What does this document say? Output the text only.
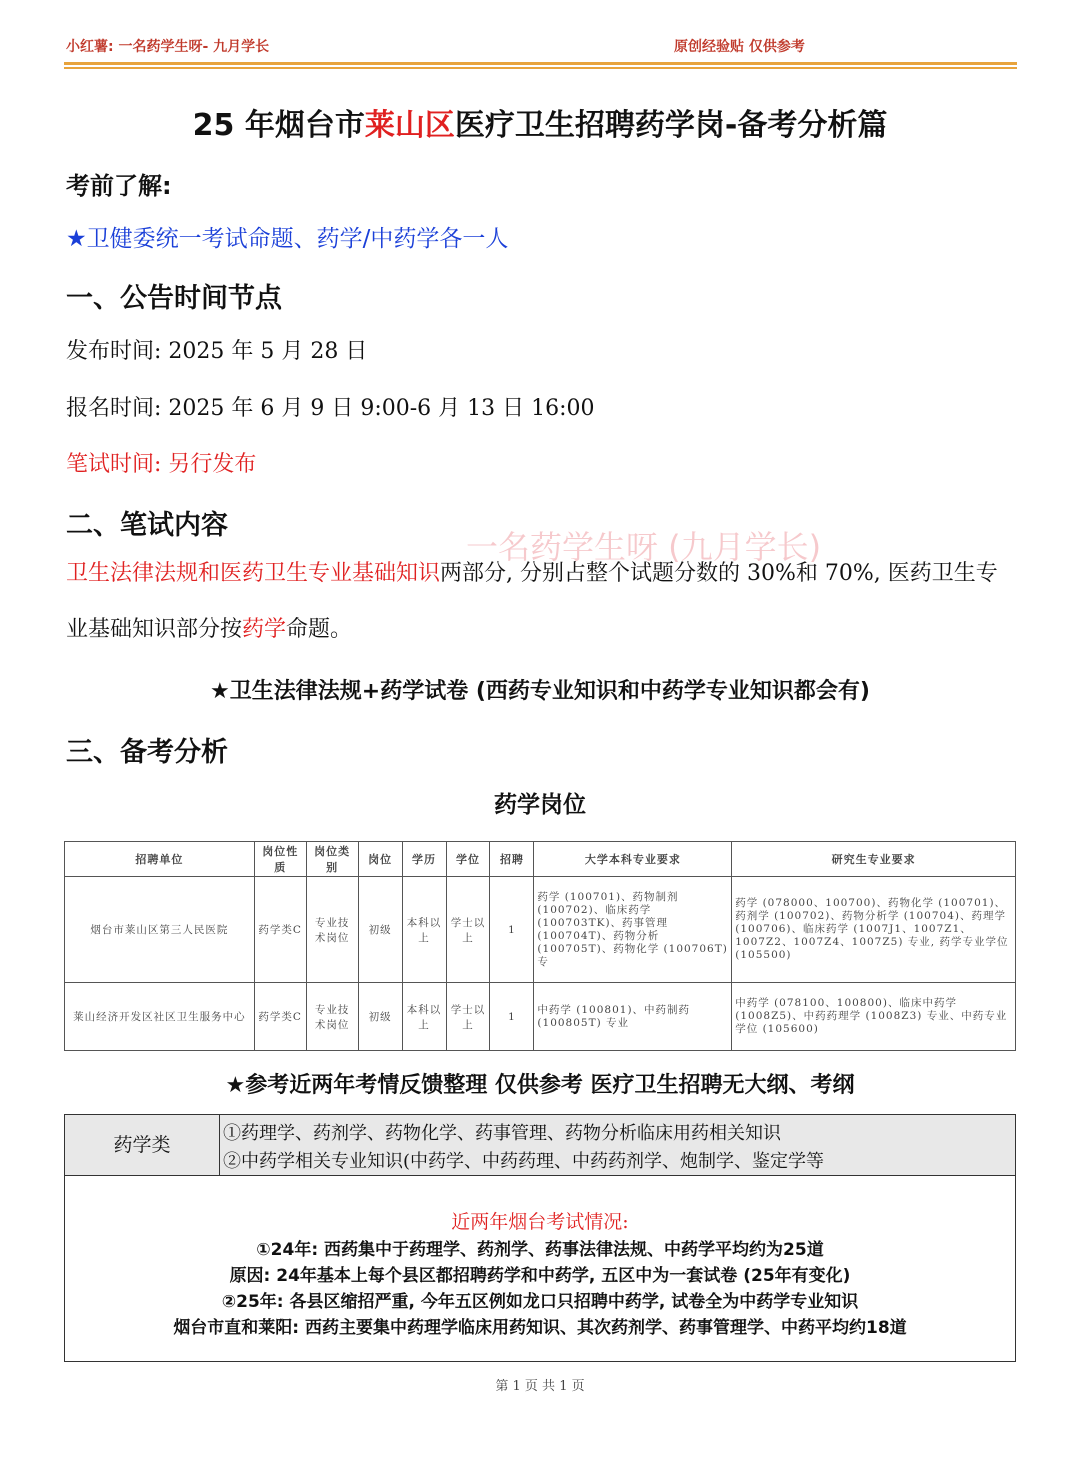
小红薯: 一名药学生呀- 九月学长	原创经验贴 仅供参考
25 年烟台市莱山区医疗卫生招聘药学岗-备考分析篇
考前了解:
★卫健委统一考试命题、药学/中药学各一人
一、公告时间节点
发布时间: 2025 年 5 月 28 日
报名时间: 2025 年 6 月 9 日 9:00-6 月 13 日 16:00
笔试时间: 另行发布
二、笔试内容
一名药学生呀 (九月学长)
卫生法律法规和医药卫生专业基础知识两部分, 分别占整个试题分数的 30%和 70%, 医药卫生专业基础知识部分按药学命题。
★卫生法律法规+药学试卷 (西药专业知识和中药学专业知识都会有)
三、备考分析
药学岗位
招聘单位	岗位性质	岗位类别	岗位	学历	学位	招聘	大学本科专业要求	研究生专业要求
烟台市莱山区第三人民医院	药学类C	专业技术岗位	初级	本科以上	学士以上	1	药学 (100701)、药物制剂 (100702)、临床药学 (100703TK)、药事管理 (100704T)、药物分析 (100705T)、药物化学 (100706T) 专	药学 (078000、100700)、药物化学 (100701)、药剂学 (100702)、药物分析学 (100704)、药理学 (100706)、临床药学 (1007J1、1007Z1、1007Z2、1007Z4、1007Z5) 专业, 药学专业学位 (105500)
莱山经济开发区社区卫生服务中心	药学类C	专业技术岗位	初级	本科以上	学士以上	1	中药学 (100801)、中药制药 (100805T) 专业	中药学 (078100、100800)、临床中药学 (1008Z5)、中药药理学 (1008Z3) 专业、中药专业学位 (105600)
★参考近两年考情反馈整理 仅供参考 医疗卫生招聘无大纲、考纲
药学类
①药理学、药剂学、药物化学、药事管理、药物分析临床用药相关知识
②中药学相关专业知识(中药学、中药药理、中药药剂学、炮制学、鉴定学等
近两年烟台考试情况:
①24年: 西药集中于药理学、药剂学、药事法律法规、中药学平均约为25道
原因: 24年基本上每个县区都招聘药学和中药学, 五区中为一套试卷 (25年有变化)
②25年: 各县区缩招严重, 今年五区例如龙口只招聘中药学, 试卷全为中药学专业知识
烟台市直和莱阳: 西药主要集中药理学临床用药知识、其次药剂学、药事管理学、中药平均约18道
第 1 页 共 1 页
